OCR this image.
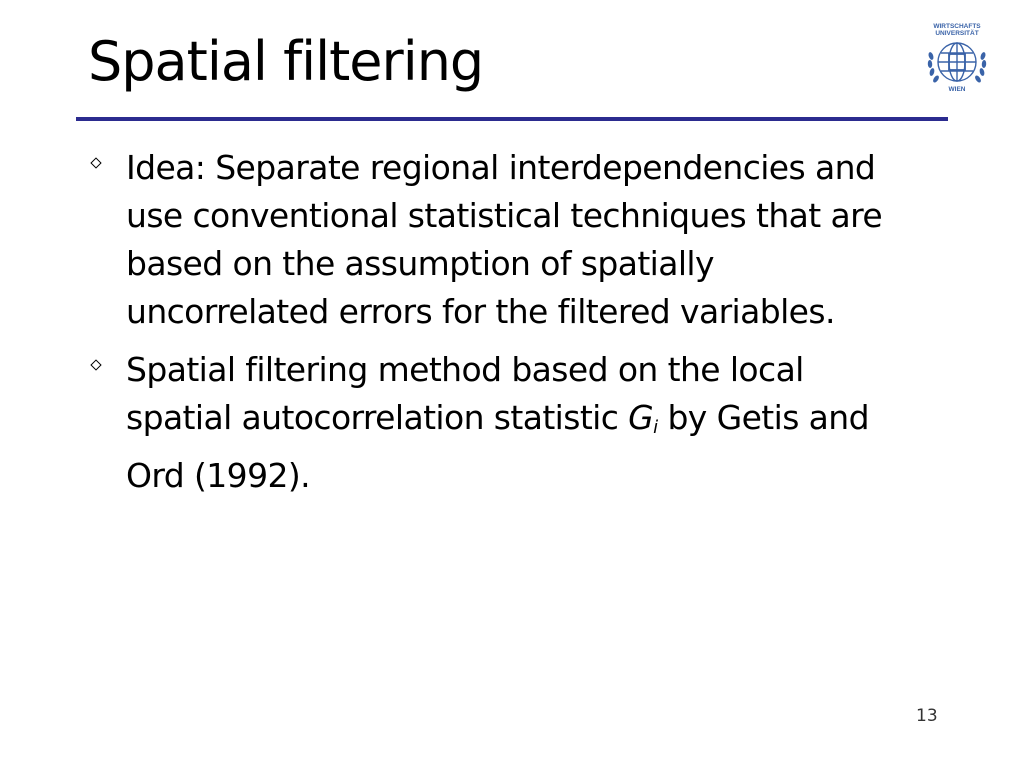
Spatial filtering
WIRTSCHAFTS
UNIVERSITÄT
WIEN
Idea: Separate regional interdependencies and use conventional statistical techniques that are based on the assumption of spatially uncorrelated errors for the filtered variables.
Spatial filtering method based on the local spatial autocorrelation statistic $G_i$ by Getis and Ord (1992).
13
